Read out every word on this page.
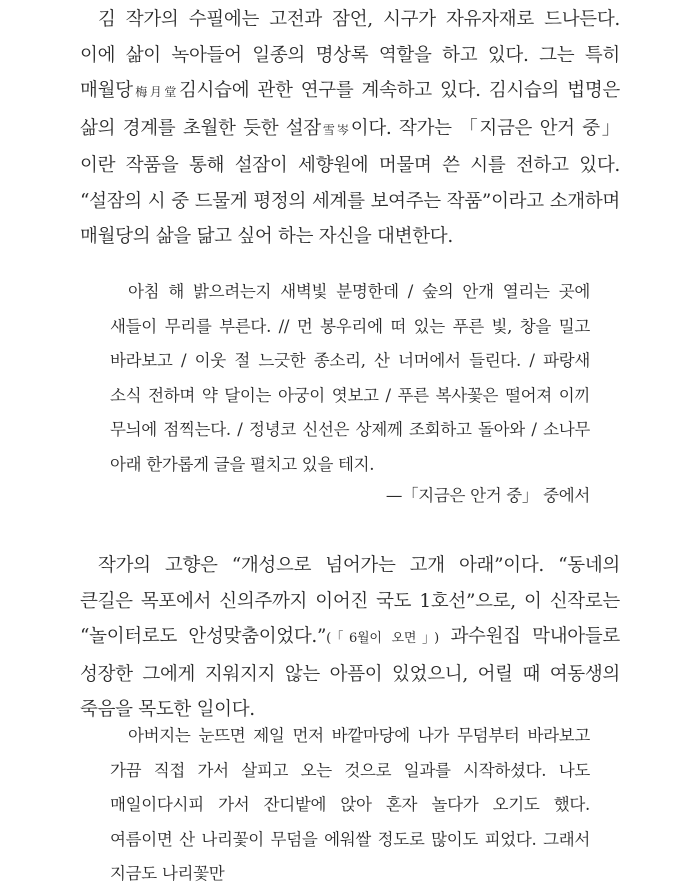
김 작가의 수필에는 고전과 잠언, 시구가 자유자재로 드나든다. 이에 삶이 녹아들어 일종의 명상록 역할을 하고 있다. 그는 특히 매월당梅月堂김시습에 관한 연구를 계속하고 있다. 김시습의 법명은 삶의 경계를 초월한 듯한 설잠雪岑이다. 작가는 「지금은 안거 중」이란 작품을 통해 설잠이 세향원에 머물며 쓴 시를 전하고 있다. “설잠의 시 중 드물게 평정의 세계를 보여주는 작품”이라고 소개하며 매월당의 삶을 닮고 싶어 하는 자신을 대변한다.

아침 해 밝으려는지 새벽빛 분명한데 / 숲의 안개 열리는 곳에 새들이 무리를 부른다. // 먼 봉우리에 떠 있는 푸른 빛, 창을 밀고 바라보고 / 이웃 절 느긋한 종소리, 산 너머에서 들린다. / 파랑새 소식 전하며 약 달이는 아궁이 엿보고 / 푸른 복사꽃은 떨어져 이끼 무늬에 점찍는다. / 정녕코 신선은 상제께 조회하고 돌아와 / 소나무 아래 한가롭게 글을 펼치고 있을 테지.

—「지금은 안거 중」 중에서

작가의 고향은 “개성으로 넘어가는 고개 아래”이다. “동네의 큰길은 목포에서 신의주까지 이어진 국도 1호선”으로, 이 신작로는 “놀이터로도 안성맞춤이었다.”(「6월이 오면」) 과수원집 막내아들로 성장한 그에게 지워지지 않는 아픔이 있었으니, 어릴 때 여동생의 죽음을 목도한 일이다.

아버지는 눈뜨면 제일 먼저 바깥마당에 나가 무덤부터 바라보고 가끔 직접 가서 살피고 오는 것으로 일과를 시작하셨다. 나도 매일이다시피 가서 잔디밭에 앉아 혼자 놀다가 오기도 했다. 여름이면 산 나리꽃이 무덤을 에워쌀 정도로 많이도 피었다. 그래서 지금도 나리꽃만
